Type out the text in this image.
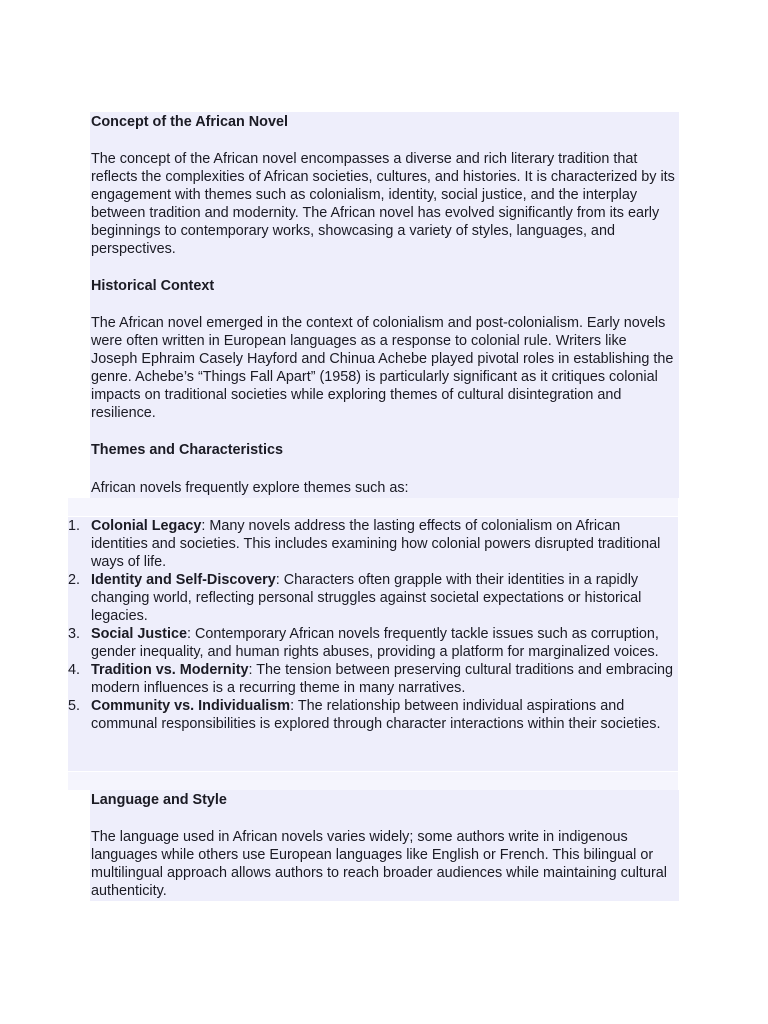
Concept of the African Novel

The concept of the African novel encompasses a diverse and rich literary tradition that reflects the complexities of African societies, cultures, and histories. It is characterized by its engagement with themes such as colonialism, identity, social justice, and the interplay between tradition and modernity. The African novel has evolved significantly from its early beginnings to contemporary works, showcasing a variety of styles, languages, and perspectives.

Historical Context

The African novel emerged in the context of colonialism and post-colonialism. Early novels were often written in European languages as a response to colonial rule. Writers like Joseph Ephraim Casely Hayford and Chinua Achebe played pivotal roles in establishing the genre. Achebe’s “Things Fall Apart” (1958) is particularly significant as it critiques colonial impacts on traditional societies while exploring themes of cultural disintegration and resilience.

Themes and Characteristics

African novels frequently explore themes such as:

1. Colonial Legacy: Many novels address the lasting effects of colonialism on African identities and societies. This includes examining how colonial powers disrupted traditional ways of life.
2. Identity and Self-Discovery: Characters often grapple with their identities in a rapidly changing world, reflecting personal struggles against societal expectations or historical legacies.
3. Social Justice: Contemporary African novels frequently tackle issues such as corruption, gender inequality, and human rights abuses, providing a platform for marginalized voices.
4. Tradition vs. Modernity: The tension between preserving cultural traditions and embracing modern influences is a recurring theme in many narratives.
5. Community vs. Individualism: The relationship between individual aspirations and communal responsibilities is explored through character interactions within their societies.
Language and Style

The language used in African novels varies widely; some authors write in indigenous languages while others use European languages like English or French. This bilingual or multilingual approach allows authors to reach broader audiences while maintaining cultural authenticity.
